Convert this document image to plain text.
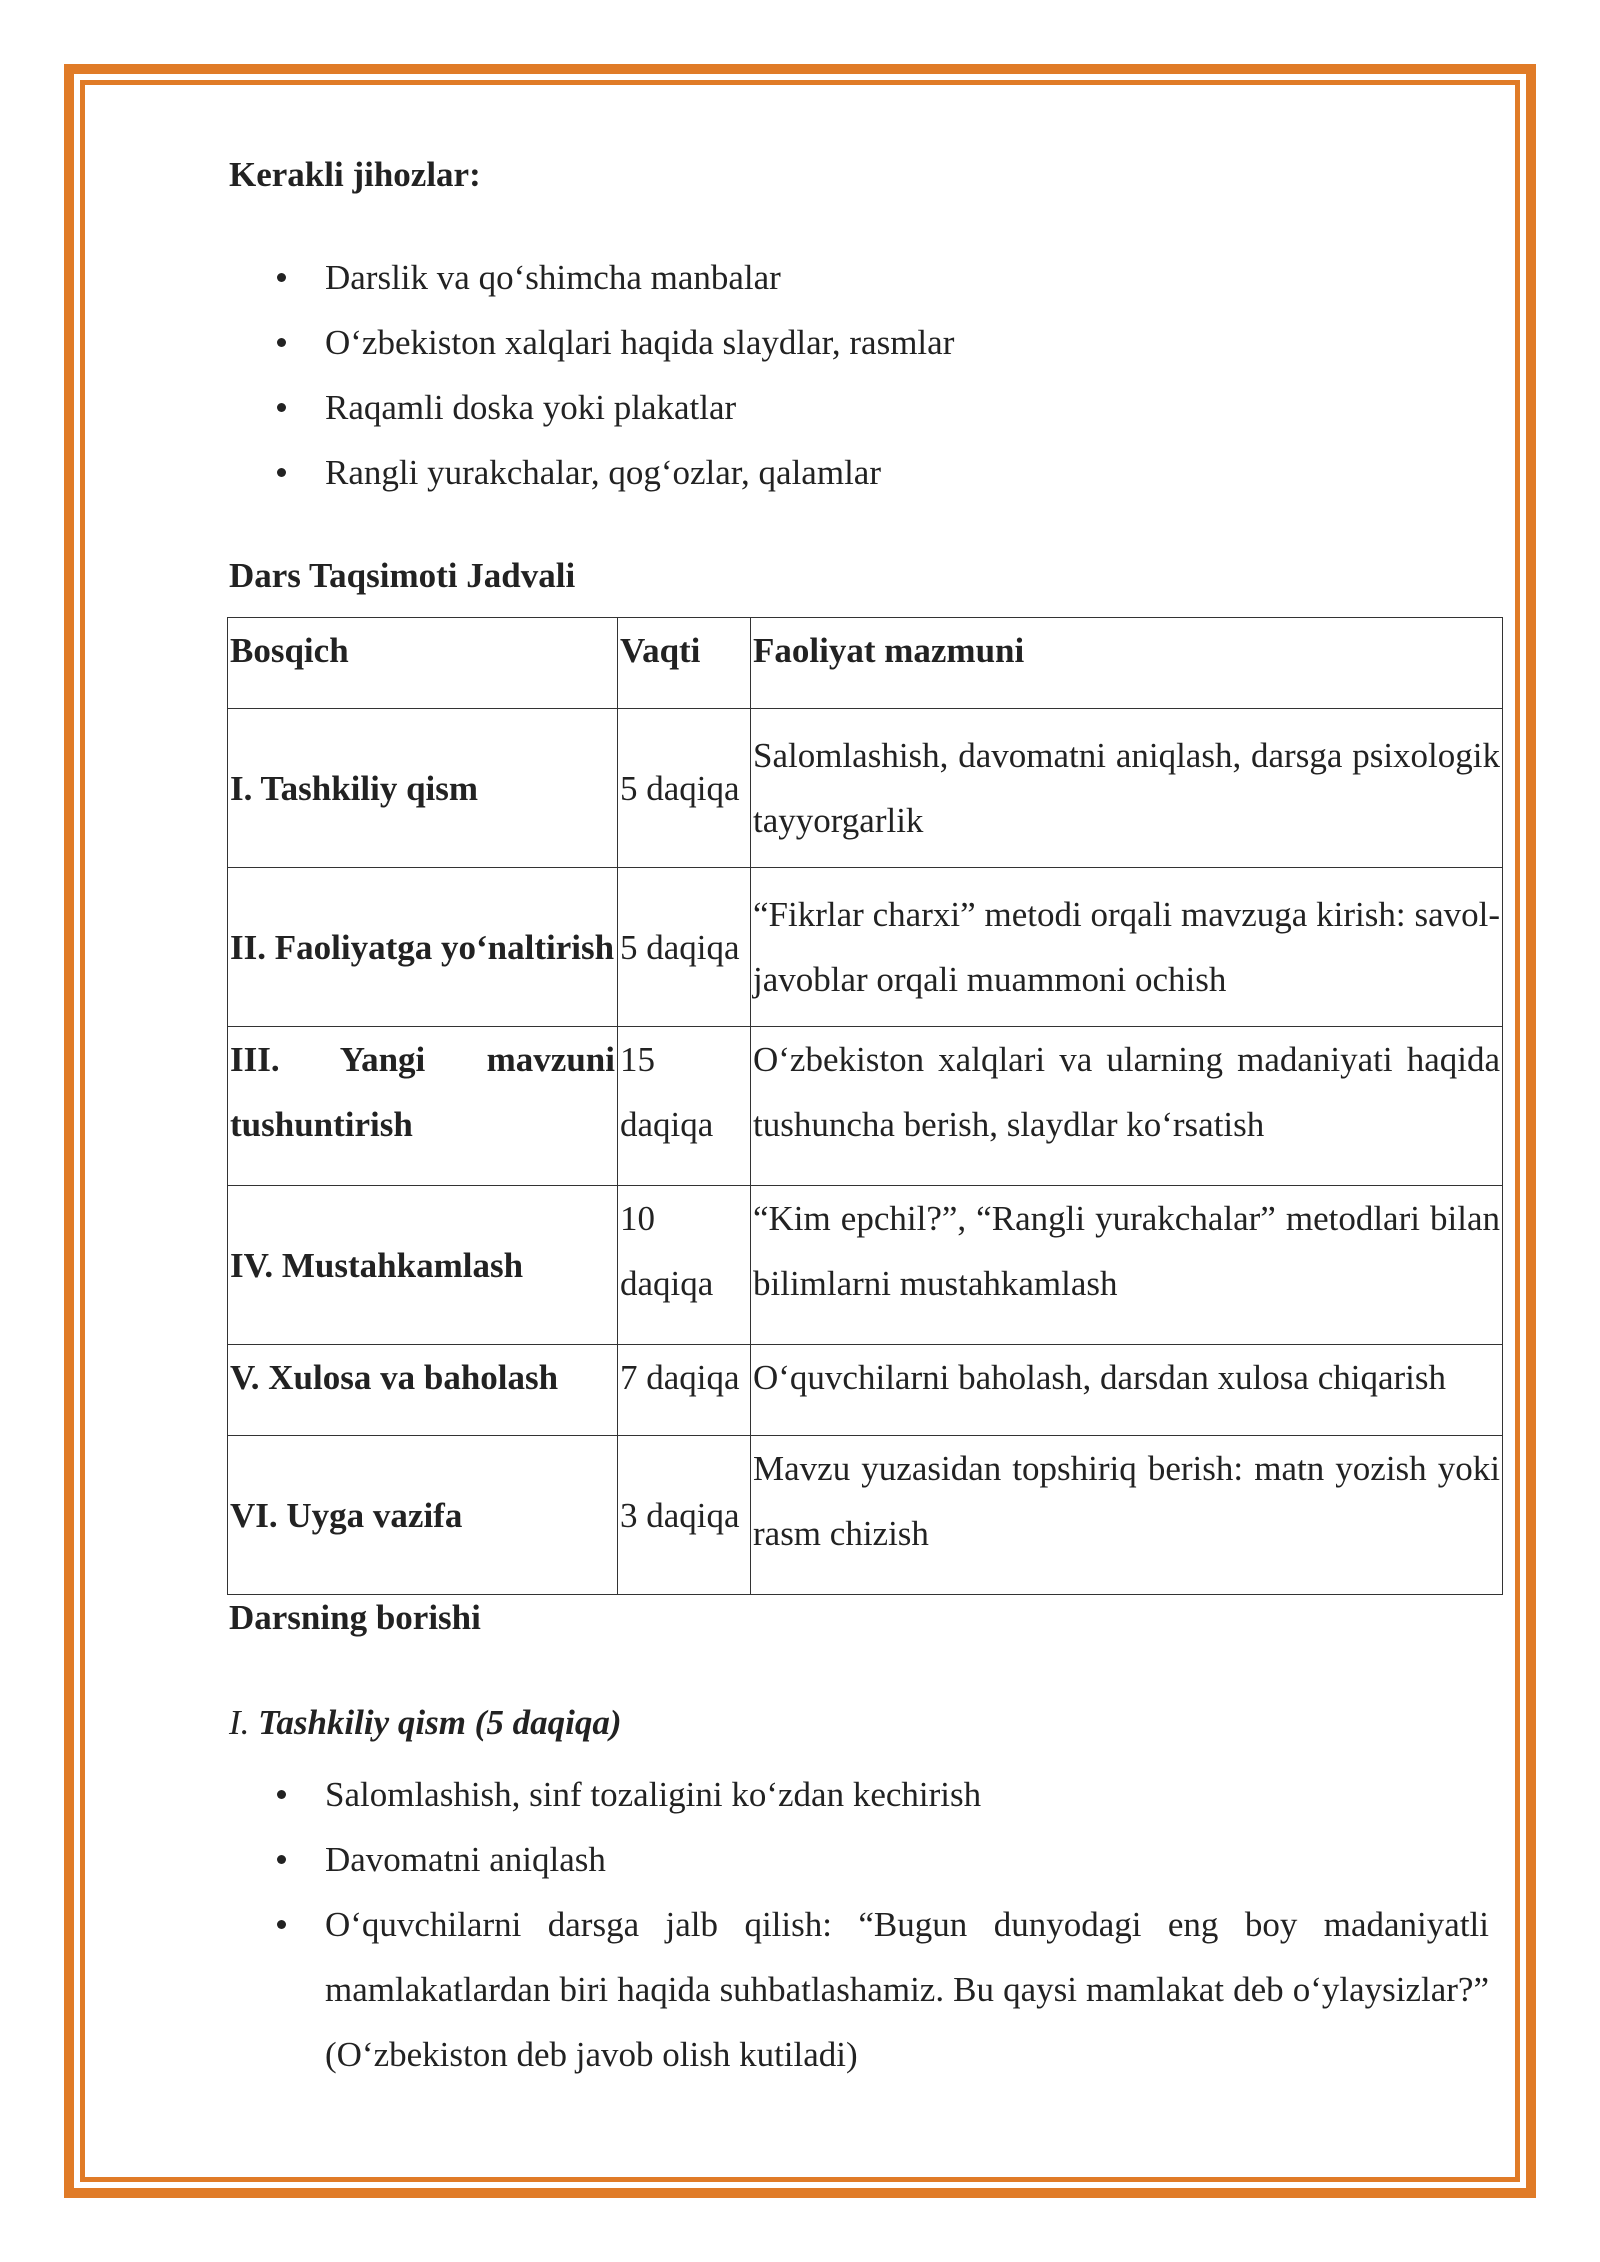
Kerakli jihozlar:

Darslik va qo‘shimcha manbalar
O‘zbekiston xalqlari haqida slaydlar, rasmlar
Raqamli doska yoki plakatlar
Rangli yurakchalar, qog‘ozlar, qalamlar

Dars Taqsimoti Jadvali

Bosqich	Vaqti	Faoliyat mazmuni
I. Tashkiliy qism	5 daqiqa	Salomlashish, davomatni aniqlash, darsga psixologik tayyorgarlik
II. Faoliyatga yo‘naltirish	5 daqiqa	“Fikrlar charxi” metodi orqali mavzuga kirish: savol-javoblar orqali muammoni ochish
III. Yangi mavzuni tushuntirish	15 daqiqa	O‘zbekiston xalqlari va ularning madaniyati haqida tushuncha berish, slaydlar ko‘rsatish
IV. Mustahkamlash	10 daqiqa	“Kim epchil?”, “Rangli yurakchalar” metodlari bilan bilimlarni mustahkamlash
V. Xulosa va baholash	7 daqiqa	O‘quvchilarni baholash, darsdan xulosa chiqarish
VI. Uyga vazifa	3 daqiqa	Mavzu yuzasidan topshiriq berish: matn yozish yoki rasm chizish

Darsning borishi

I. Tashkiliy qism (5 daqiqa)

Salomlashish, sinf tozaligini ko‘zdan kechirish
Davomatni aniqlash
O‘quvchilarni darsga jalb qilish: “Bugun dunyodagi eng boy madaniyatli mamlakatlardan biri haqida suhbatlashamiz. Bu qaysi mamlakat deb o‘ylaysizlar?” (O‘zbekiston deb javob olish kutiladi)
